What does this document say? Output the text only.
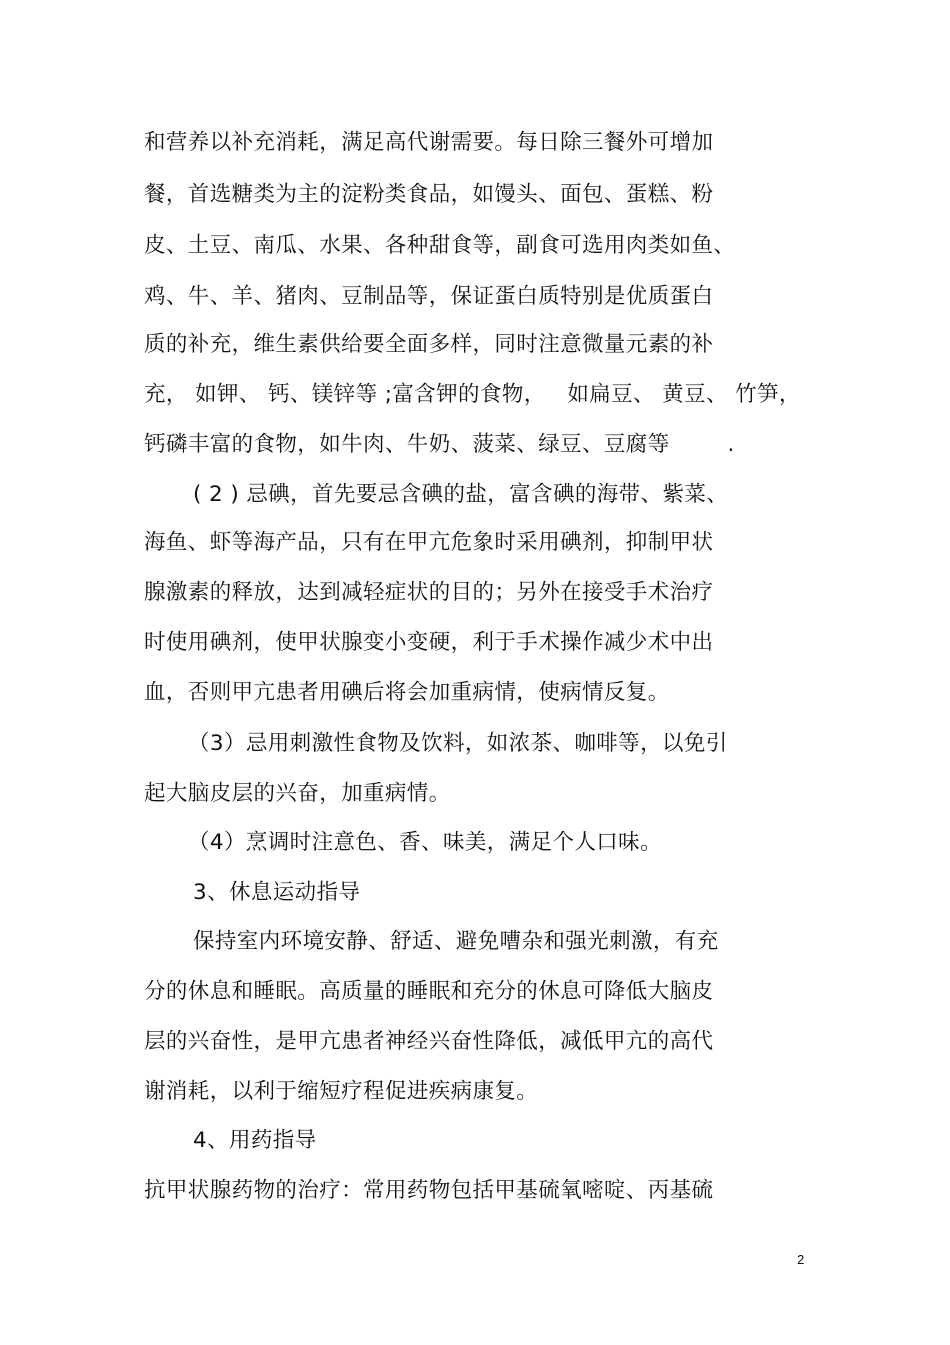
和营养以补充消耗，满足高代谢需要。每日除三餐外可增加
餐，首选糖类为主的淀粉类食品，如馒头、面包、蛋糕、粉
皮、土豆、南瓜、水果、各种甜食等，副食可选用肉类如鱼、
鸡、牛、羊、猪肉、豆制品等，保证蛋白质特别是优质蛋白
质的补充，维生素供给要全面多样，同时注意微量元素的补
充， 如钾、 钙、镁锌等 ;富含钾的食物，   如扁豆、 黄豆、 竹笋，
钙磷丰富的食物，如牛肉、牛奶、菠菜、绿豆、豆腐等        .
( 2 ) 忌碘，首先要忌含碘的盐，富含碘的海带、紫菜、
海鱼、虾等海产品，只有在甲亢危象时采用碘剂，抑制甲状
腺激素的释放，达到减轻症状的目的；另外在接受手术治疗
时使用碘剂，使甲状腺变小变硬，利于手术操作减少术中出
血，否则甲亢患者用碘后将会加重病情，使病情反复。
（3）忌用刺激性食物及饮料，如浓茶、咖啡等，以免引
起大脑皮层的兴奋，加重病情。
（4）烹调时注意色、香、味美，满足个人口味。
3、休息运动指导
保持室内环境安静、舒适、避免嘈杂和强光刺激，有充
分的休息和睡眠。高质量的睡眠和充分的休息可降低大脑皮
层的兴奋性，是甲亢患者神经兴奋性降低，减低甲亢的高代
谢消耗，以利于缩短疗程促进疾病康复。
4、用药指导
抗甲状腺药物的治疗：常用药物包括甲基硫氧嘧啶、丙基硫
2
